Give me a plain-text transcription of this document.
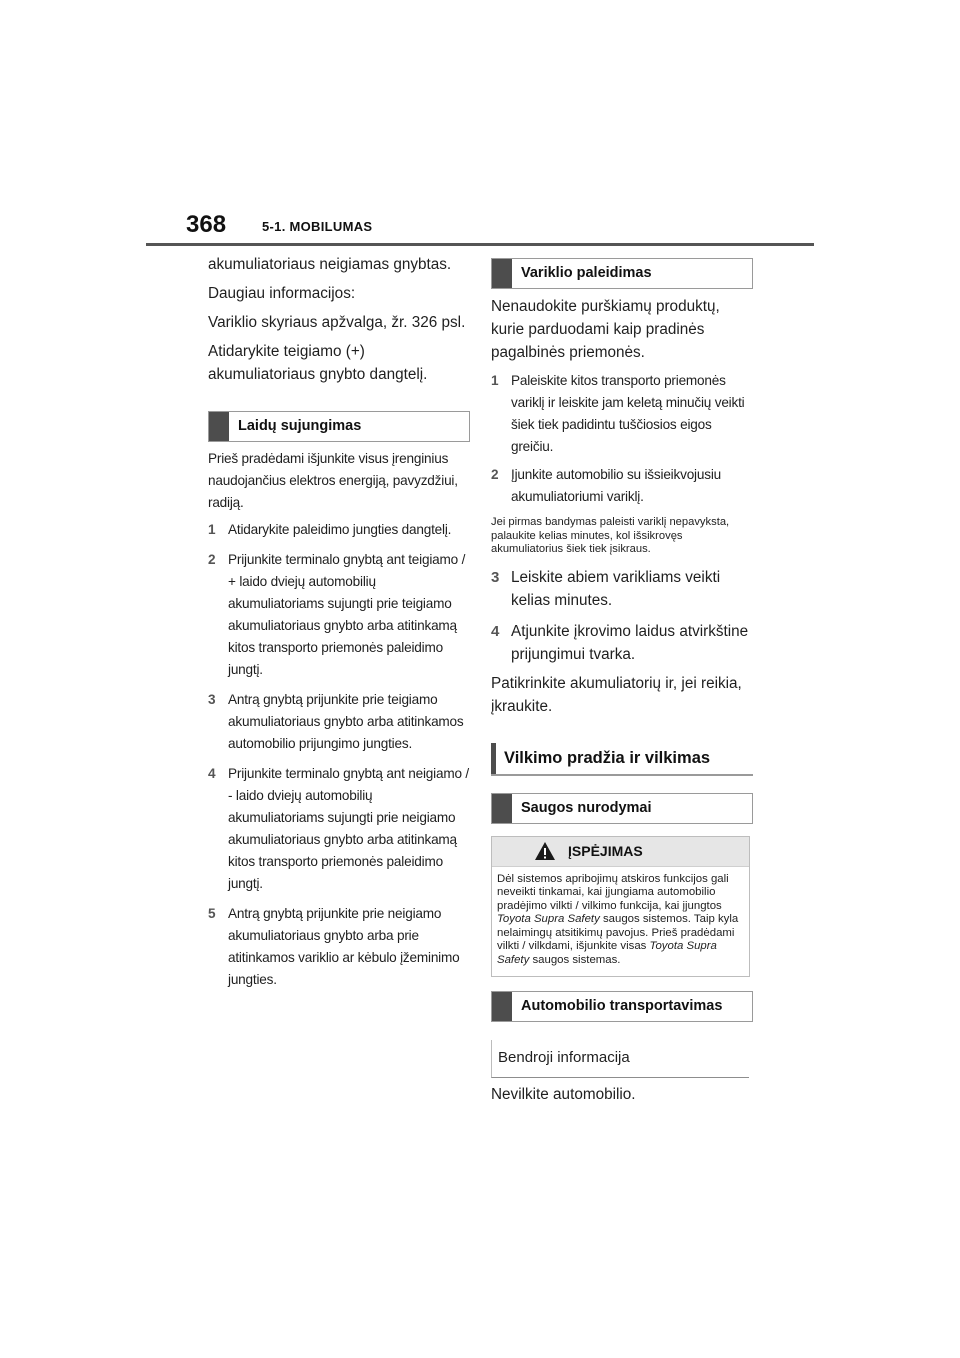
368	5-1. MOBILUMAS

akumuliatoriaus neigiamas gnybtas.

Daugiau informacijos:

Variklio skyriaus apžvalga, žr. 326 psl.

Atidarykite teigiamo (+) akumuliatoriaus gnybto dangtelį.

Laidų sujungimas

Prieš pradėdami išjunkite visus įrenginius naudojančius elektros energiją, pavyzdžiui, radiją.

1 Atidarykite paleidimo jungties dangtelį.
2 Prijunkite terminalo gnybtą ant teigiamo / + laido dviejų automobilių akumuliatoriams sujungti prie teigiamo akumuliatoriaus gnybto arba atitinkamą kitos transporto priemonės paleidimo jungtį.
3 Antrą gnybtą prijunkite prie teigiamo akumuliatoriaus gnybto arba atitinkamos automobilio prijungimo jungties.
4 Prijunkite terminalo gnybtą ant neigiamo / - laido dviejų automobilių akumuliatoriams sujungti prie neigiamo akumuliatoriaus gnybto arba atitinkamą kitos transporto priemonės paleidimo jungtį.
5 Antrą gnybtą prijunkite prie neigiamo akumuliatoriaus gnybto arba prie atitinkamos variklio ar kėbulo įžeminimo jungties.
Variklio paleidimas

Nenaudokite purškiamų produktų, kurie parduodami kaip pradinės pagalbinės priemonės.

1 Paleiskite kitos transporto priemonės variklį ir leiskite jam keletą minučių veikti šiek tiek padidintu tuščiosios eigos greičiu.
2 Įjunkite automobilio su išsieikvojusiu akumuliatoriumi variklį.

Jei pirmas bandymas paleisti variklį nepavyksta, palaukite kelias minutes, kol išsikrovęs akumuliatorius šiek tiek įsikraus.

3 Leiskite abiem varikliams veikti kelias minutes.
4 Atjunkite įkrovimo laidus atvirkštine prijungimui tvarka.

Patikrinkite akumuliatorių ir, jei reikia, įkraukite.

Vilkimo pradžia ir vilkimas
Saugos nurodymai
ĮSPĖJIMAS
Dėl sistemos apribojimų atskiros funkcijos gali neveikti tinkamai, kai įjungiama automobilio pradėjimo vilkti / vilkimo funkcija, kai įjungtos Toyota Supra Safety saugos sistemos. Taip kyla nelaimingų atsitikimų pavojus. Prieš pradėdami vilkti / vilkdami, išjunkite visas Toyota Supra Safety saugos sistemas.
Automobilio transportavimas
Bendroji informacija

Nevilkite automobilio.
